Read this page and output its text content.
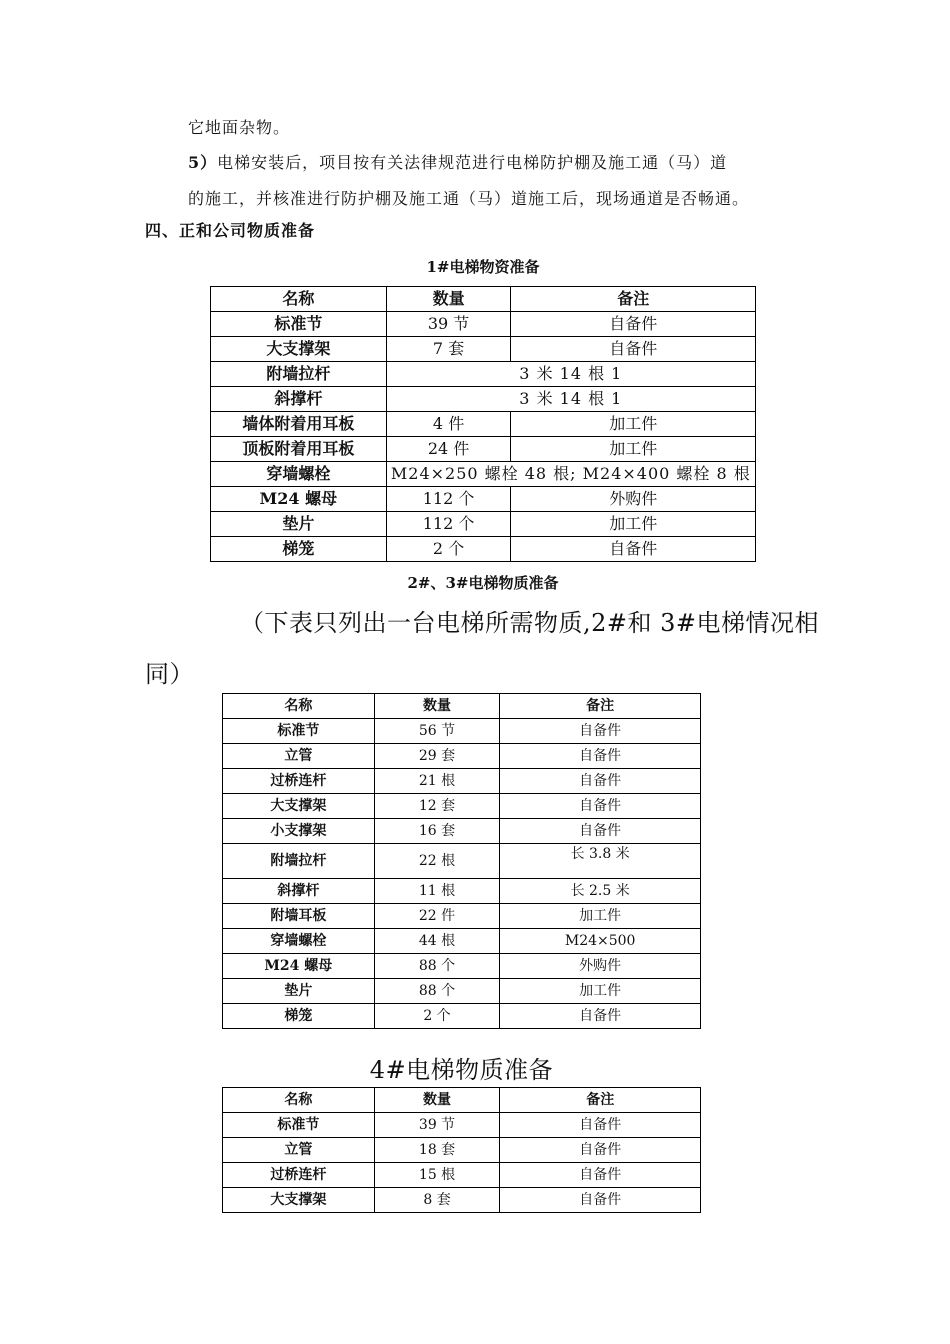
它地面杂物。
5）电梯安装后，项目按有关法律规范进行电梯防护棚及施工通（马）道
的施工，并核准进行防护棚及施工通（马）道施工后，现场通道是否畅通。
四、正和公司物质准备
1#电梯物资准备
名称	数量	备注
标准节	39 节	自备件
大支撑架	7 套	自备件
附墙拉杆	3 米 14 根 1	
斜撑杆	3 米 14 根 1	
墙体附着用耳板	4 件	加工件
顶板附着用耳板	24 件	加工件
穿墙螺栓	M24×250 螺栓 48 根; M24×400 螺栓 8 根	
M24 螺母	112 个	外购件
垫片	112 个	加工件
梯笼	2 个	自备件
2#、3#电梯物质准备
（下表只列出一台电梯所需物质,2#和 3#电梯情况相
同）
名称	数量	备注
标准节	56 节	自备件
立管	29 套	自备件
过桥连杆	21 根	自备件
大支撑架	12 套	自备件
小支撑架	16 套	自备件
附墙拉杆	22 根	长 3.8 米
斜撑杆	11 根	长 2.5 米
附墙耳板	22 件	加工件
穿墙螺栓	44 根	M24×500
M24 螺母	88 个	外购件
垫片	88 个	加工件
梯笼	2 个	自备件
4#电梯物质准备
名称	数量	备注
标准节	39 节	自备件
立管	18 套	自备件
过桥连杆	15 根	自备件
大支撑架	8 套	自备件
